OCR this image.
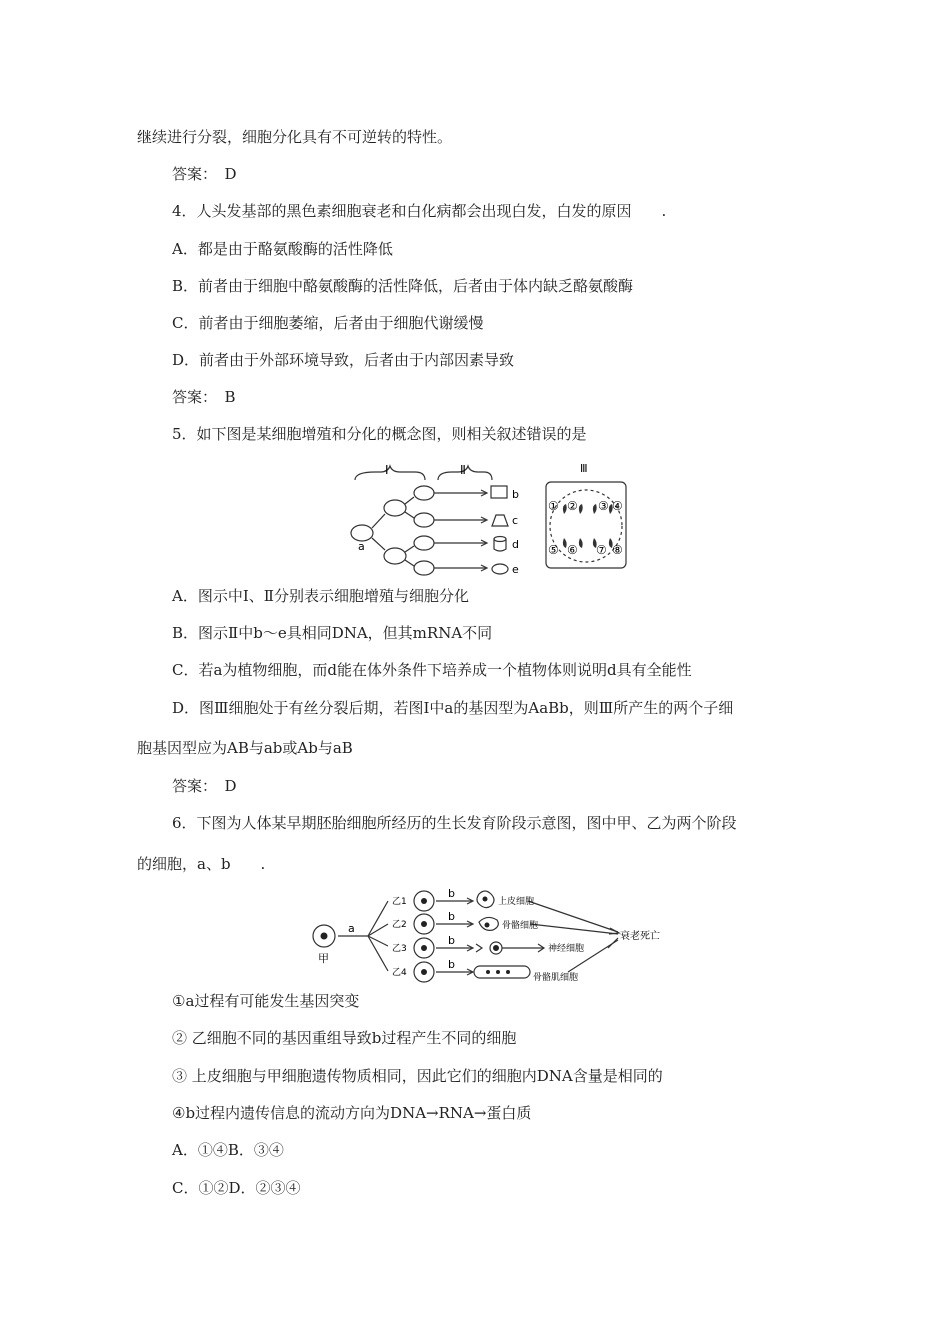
继续进行分裂，细胞分化具有不可逆转的特性。
答案：　D
4．人头发基部的黑色素细胞衰老和白化病都会出现白发，白发的原因　　.
A．都是由于酪氨酸酶的活性降低
B．前者由于细胞中酪氨酸酶的活性降低，后者由于体内缺乏酪氨酸酶
C．前者由于细胞萎缩，后者由于细胞代谢缓慢
D．前者由于外部环境导致，后者由于内部因素导致
答案：　B
5．如下图是某细胞增殖和分化的概念图，则相关叙述错误的是
Ⅰ	Ⅱ	Ⅲ
a
b
c
d
e
① ② ③ ④
⑤ ⑥ ⑦ ⑧
A．图示中Ⅰ、Ⅱ分别表示细胞增殖与细胞分化
B．图示Ⅱ中b～e具相同DNA，但其mRNA不同
C．若a为植物细胞，而d能在体外条件下培养成一个植物体则说明d具有全能性
D．图Ⅲ细胞处于有丝分裂后期，若图Ⅰ中a的基因型为AaBb，则Ⅲ所产生的两个子细
胞基因型应为AB与ab或Ab与aB
答案：　D
6．下图为人体某早期胚胎细胞所经历的生长发育阶段示意图，图中甲、乙为两个阶段
的细胞，a、b　　.
甲
a
乙1
乙2
乙3
乙4
b
b
b
b
上皮细胞
骨骼细胞
神经细胞
骨骼肌细胞
衰老死亡
①a过程有可能发生基因突变
② 乙细胞不同的基因重组导致b过程产生不同的细胞
③ 上皮细胞与甲细胞遗传物质相同，因此它们的细胞内DNA含量是相同的
④b过程内遗传信息的流动方向为DNA→RNA→蛋白质
A．①④B．③④
C．①②D．②③④
